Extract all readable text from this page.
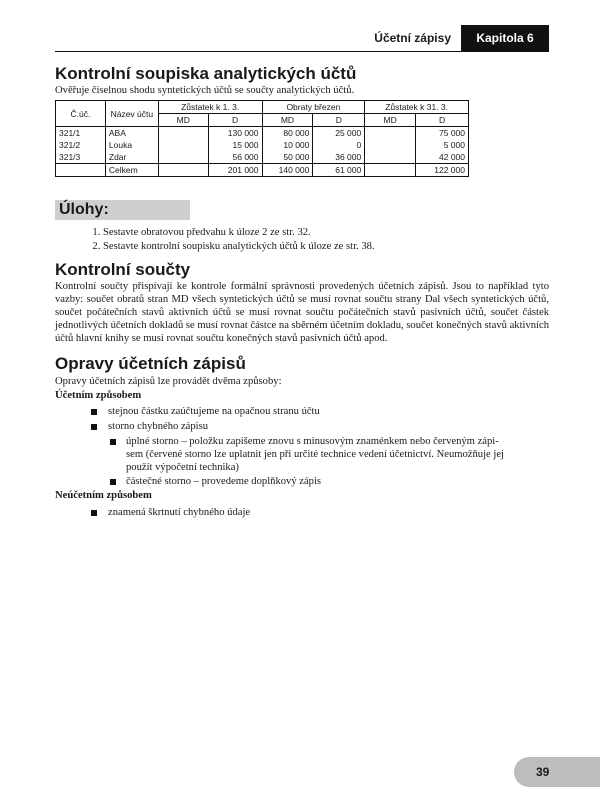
Účetní zápisy	Kapitola 6
Kontrolní soupiska analytických účtů

Ověřuje číselnou shodu syntetických účtů se součty analytických účtů.

Č.úč.	Název účtu	Zůstatek k 1. 3.		Obraty březen		Zůstatek k 31. 3.	
		MD	D	MD	D	MD	D
321/1	ABA		130 000	80 000	25 000		75 000
321/2	Louka		15 000	10 000	0		5 000
321/3	Zdar		56 000	50 000	36 000		42 000
	Celkem		201 000	140 000	61 000		122 000
Úlohy:
1. Sestavte obratovou předvahu k úloze 2 ze str. 32.
2. Sestavte kontrolní soupisku analytických účtů k úloze ze str. 38.
Kontrolní součty

Kontrolní součty přispívají ke kontrole formální správnosti provedených účetních zápisů. Jsou to například tyto vazby: součet obratů stran MD všech syntetických účtů se musí rovnat součtu strany Dal všech syntetických účtů, součet počátečních stavů aktivních účtů se musí rovnat součtu počátečních stavů pasivních účtů, součet částek jednotlivých účetních dokladů se musí rovnat částce na sběrném účetním dokladu, součet konečných stavů aktivních účtů hlavní knihy se musí rovnat součtu konečných stavů pasivních účtů apod.

Opravy účetních zápisů

Opravy účetních zápisů lze provádět dvěma způsoby:

Účetním způsobem
stejnou částku zaúčtujeme na opačnou stranu účtu
storno chybného zápisu
úplné storno – položku zapíšeme znovu s minusovým znaménkem nebo červeným zápi-
sem (červené storno lze uplatnit jen při určité technice vedení účetnictví. Neumožňuje jej
použít výpočetní technika)
částečné storno – provedeme doplňkový zápis
Neúčetním způsobem
znamená škrtnutí chybného údaje
39
